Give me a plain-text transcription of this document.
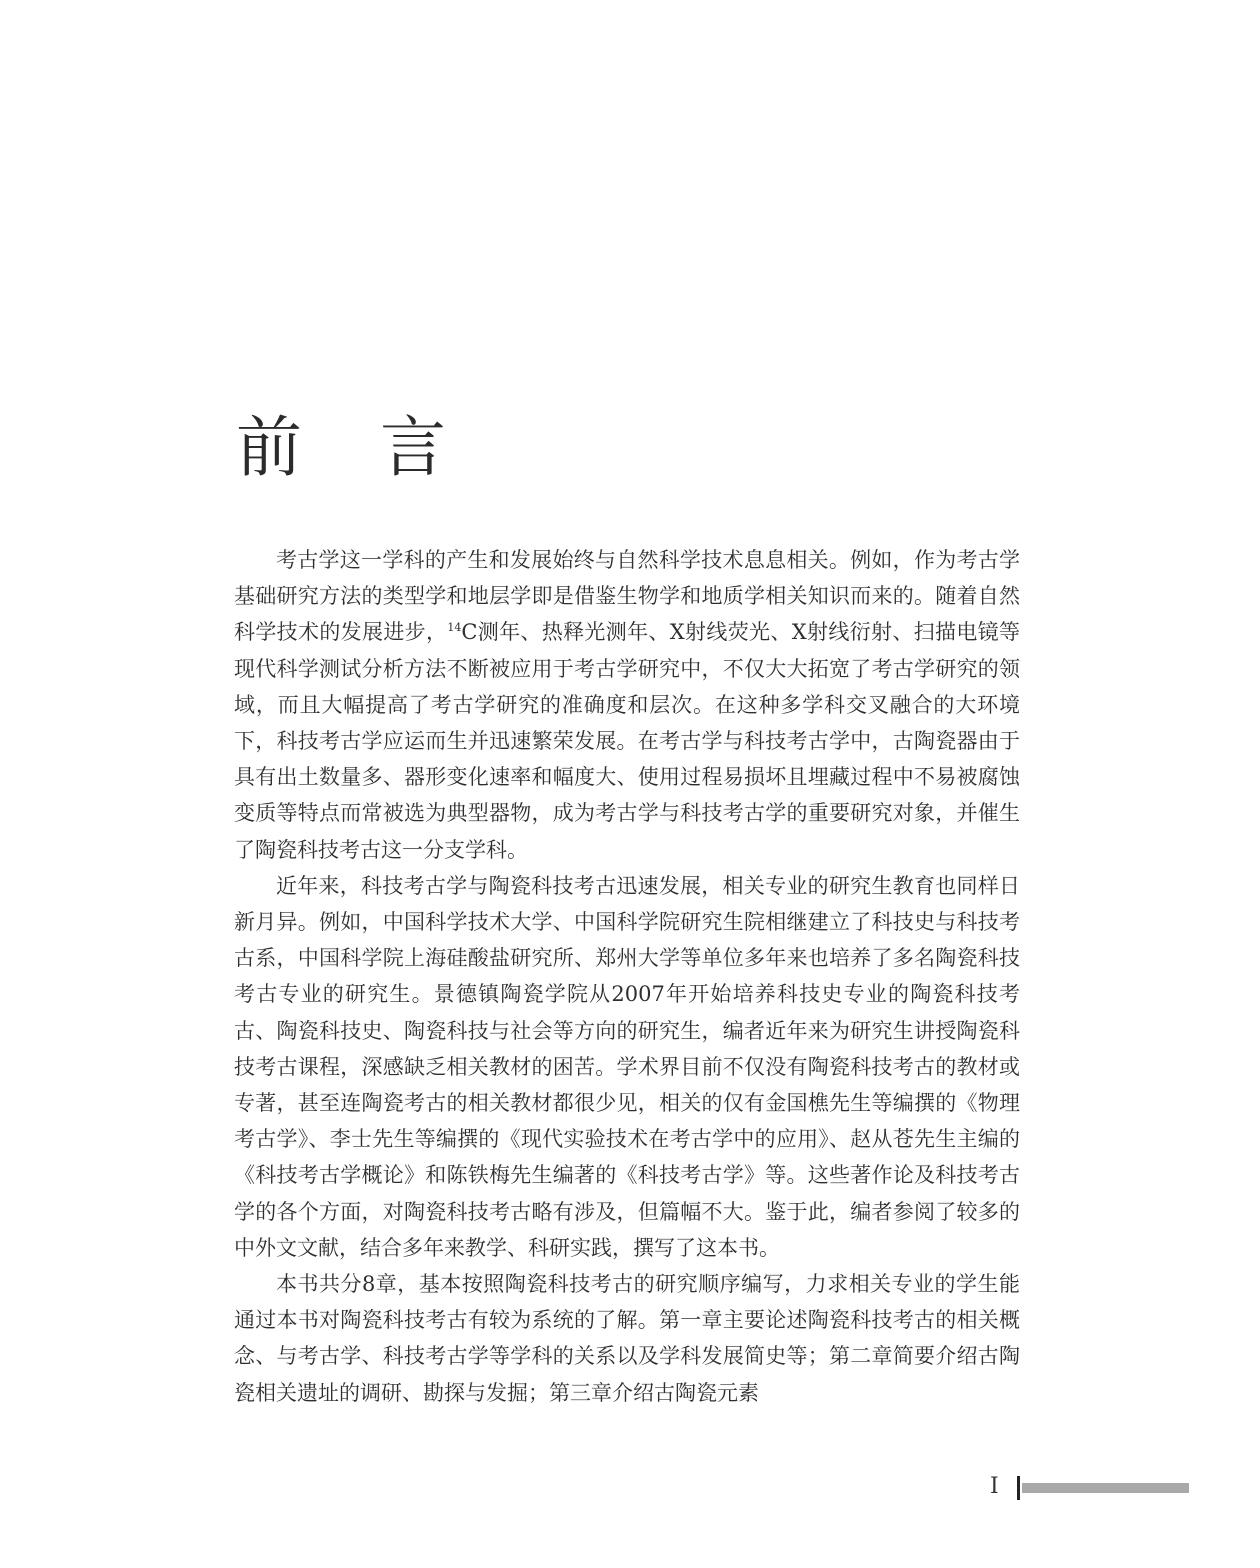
前言

考古学这一学科的产生和发展始终与自然科学技术息息相关。例如，作为考古学基础研究方法的类型学和地层学即是借鉴生物学和地质学相关知识而来的。随着自然科学技术的发展进步，$^{14}$C测年、热释光测年、X射线荧光、X射线衍射、扫描电镜等现代科学测试分析方法不断被应用于考古学研究中，不仅大大拓宽了考古学研究的领域，而且大幅提高了考古学研究的准确度和层次。在这种多学科交叉融合的大环境下，科技考古学应运而生并迅速繁荣发展。在考古学与科技考古学中，古陶瓷器由于具有出土数量多、器形变化速率和幅度大、使用过程易损坏且埋藏过程中不易被腐蚀变质等特点而常被选为典型器物，成为考古学与科技考古学的重要研究对象，并催生了陶瓷科技考古这一分支学科。

近年来，科技考古学与陶瓷科技考古迅速发展，相关专业的研究生教育也同样日新月异。例如，中国科学技术大学、中国科学院研究生院相继建立了科技史与科技考古系，中国科学院上海硅酸盐研究所、郑州大学等单位多年来也培养了多名陶瓷科技考古专业的研究生。景德镇陶瓷学院从2007年开始培养科技史专业的陶瓷科技考古、陶瓷科技史、陶瓷科技与社会等方向的研究生，编者近年来为研究生讲授陶瓷科技考古课程，深感缺乏相关教材的困苦。学术界目前不仅没有陶瓷科技考古的教材或专著，甚至连陶瓷考古的相关教材都很少见，相关的仅有金国樵先生等编撰的《物理考古学》、李士先生等编撰的《现代实验技术在考古学中的应用》、赵从苍先生主编的《科技考古学概论》和陈铁梅先生编著的《科技考古学》等。这些著作论及科技考古学的各个方面，对陶瓷科技考古略有涉及，但篇幅不大。鉴于此，编者参阅了较多的中外文文献，结合多年来教学、科研实践，撰写了这本书。

本书共分8章，基本按照陶瓷科技考古的研究顺序编写，力求相关专业的学生能通过本书对陶瓷科技考古有较为系统的了解。第一章主要论述陶瓷科技考古的相关概念、与考古学、科技考古学等学科的关系以及学科发展简史等；第二章简要介绍古陶瓷相关遗址的调研、勘探与发掘；第三章介绍古陶瓷元素

I
